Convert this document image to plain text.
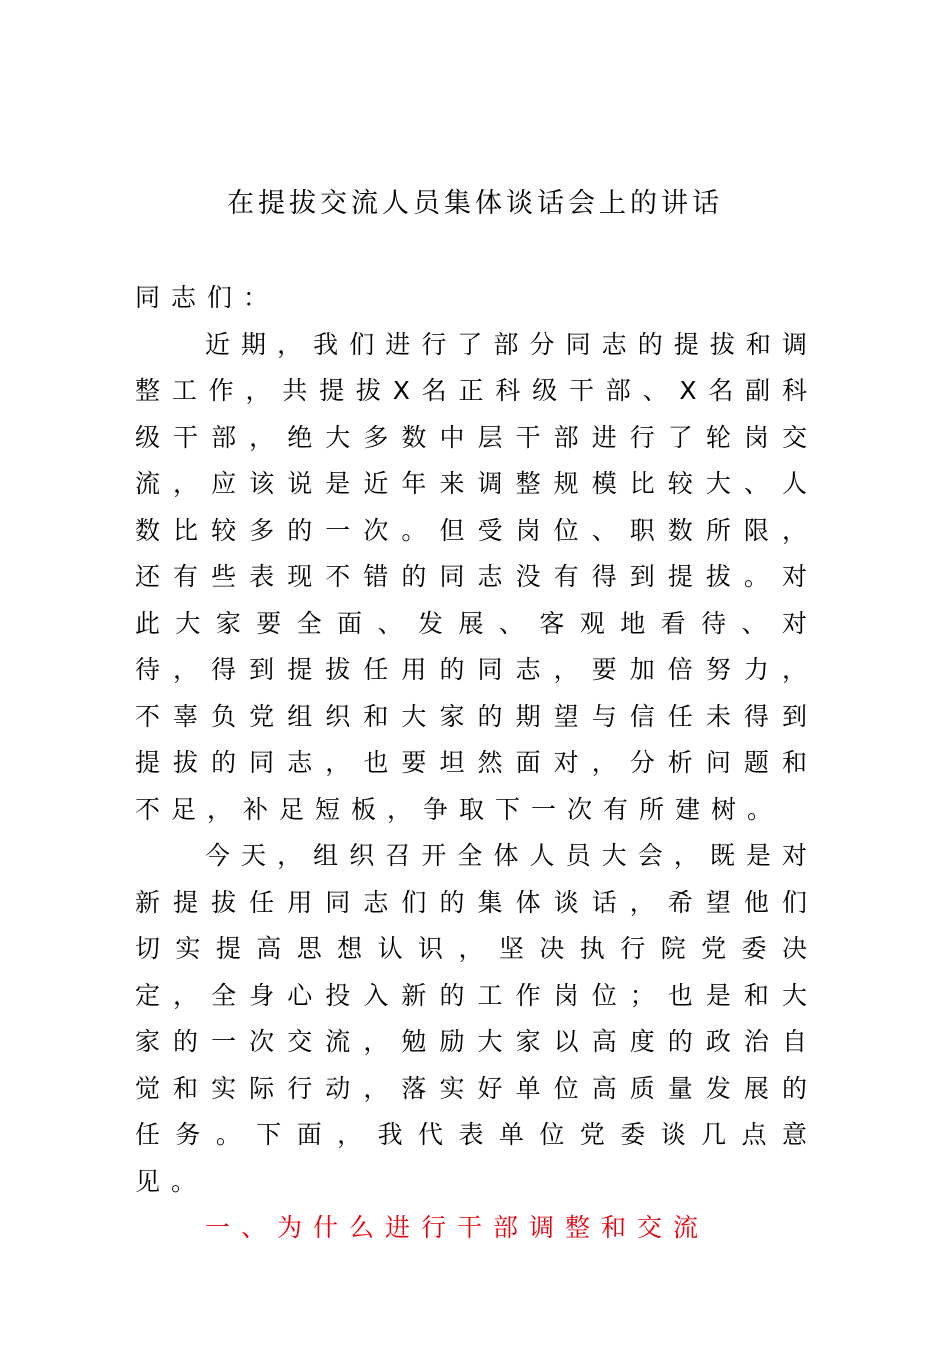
在提拔交流人员集体谈话会上的讲话

同志们：

近期，我们进行了部分同志的提拔和调整工作，共提拔X名正科级干部、X名副科级干部，绝大多数中层干部进行了轮岗交流，应该说是近年来调整规模比较大、人数比较多的一次。但受岗位、职数所限，还有些表现不错的同志没有得到提拔。对此大家要全面、发展、客观地看待、对待，得到提拔任用的同志，要加倍努力，不辜负党组织和大家的期望与信任未得到提拔的同志，也要坦然面对，分析问题和不足，补足短板，争取下一次有所建树。

今天，组织召开全体人员大会，既是对新提拔任用同志们的集体谈话，希望他们切实提高思想认识，坚决执行院党委决定，全身心投入新的工作岗位；也是和大家的一次交流，勉励大家以高度的政治自觉和实际行动，落实好单位高质量发展的任务。下面，我代表单位党委谈几点意见。

一、为什么进行干部调整和交流
